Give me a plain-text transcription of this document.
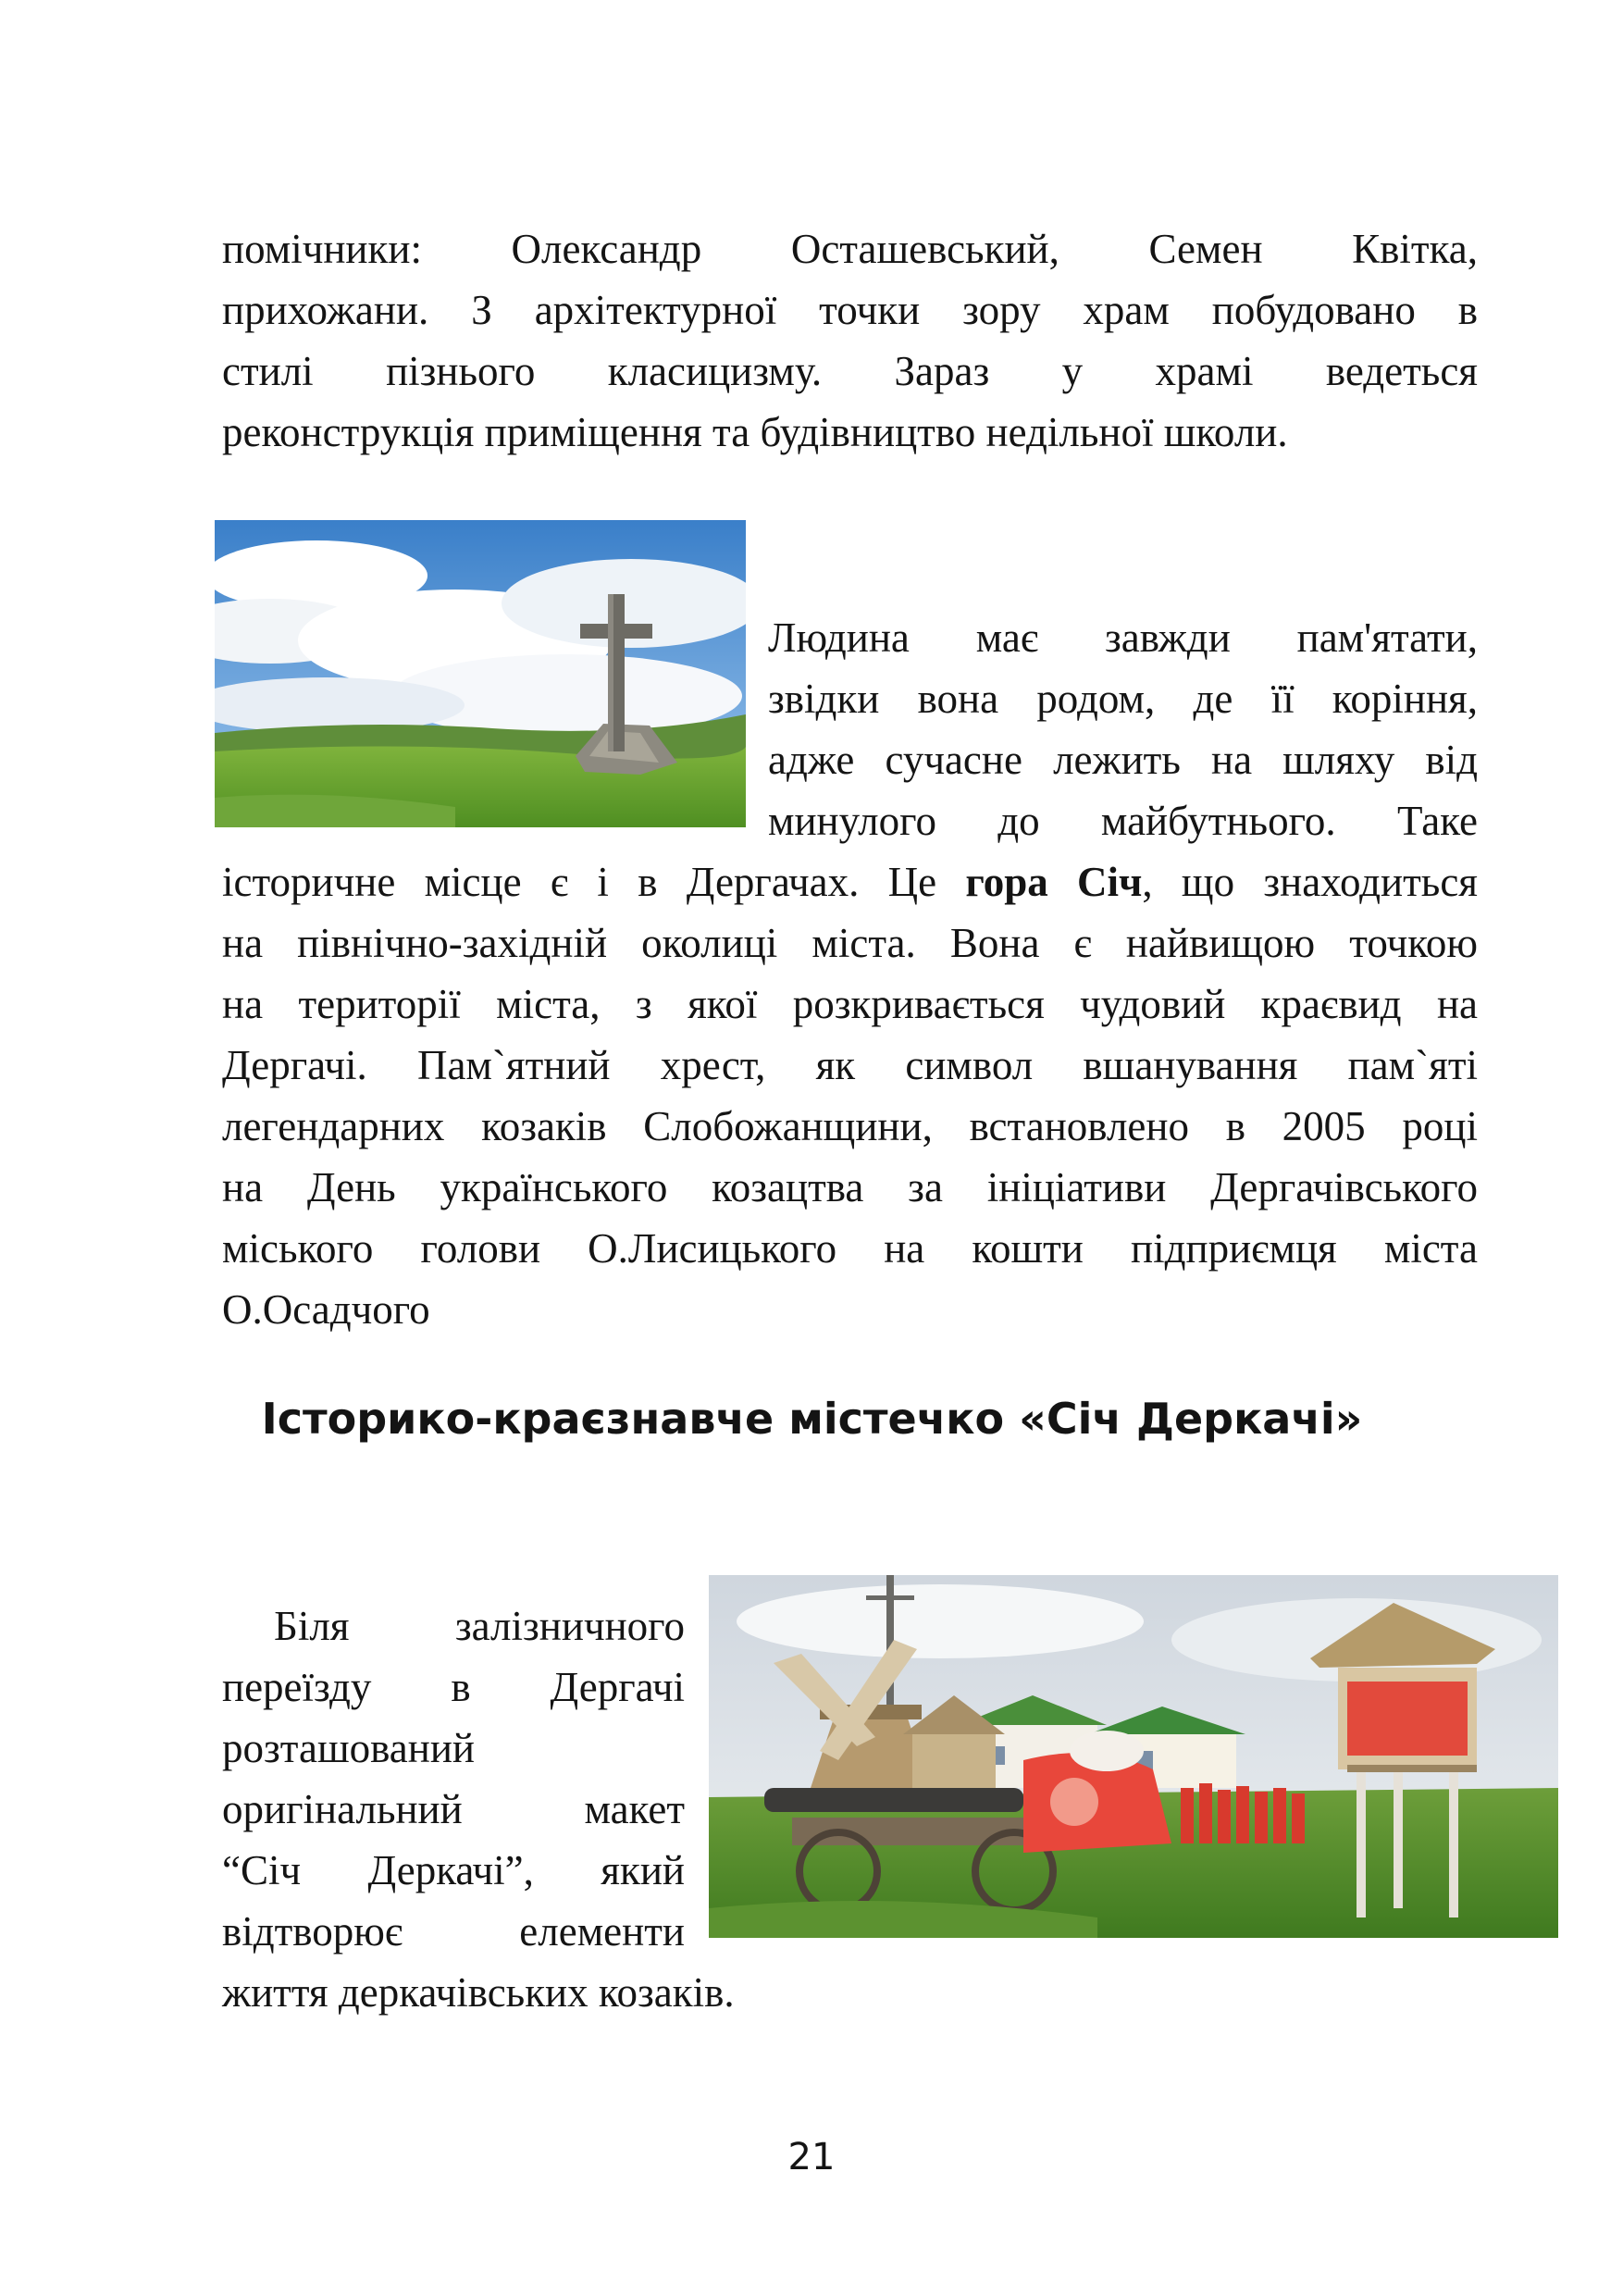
помічники: Олександр Осташевський, Семен Квітка,
прихожани. З архітектурної точки зору храм побудовано в
стилі пізнього класицизму. Зараз у храмі ведеться
реконструкція приміщення та будівництво недільної школи.
Людина має завжди пам'ятати,
звідки вона родом, де її коріння,
адже сучасне лежить на шляху від
минулого до майбутнього. Таке
історичне місце є і в Дергачах. Це гора Січ, що знаходиться
на північно-західній околиці міста. Вона є найвищою точкою
на території міста, з якої розкривається чудовий краєвид на
Дергачі. Пам`ятний хрест, як символ вшанування пам`яті
легендарних козаків Слобожанщини, встановлено в 2005 році
на День українського козацтва за ініціативи Дергачівського
міського голови О.Лисицького на кошти підприємця міста
О.Осадчого
Історико-краєзнавче містечко «Січ Деркачі»
Біля залізничного
переїзду в Дергачі
розташований
оригінальний макет
“Січ Деркачі”, який
відтворює елементи
життя деркачівських козаків.
21
